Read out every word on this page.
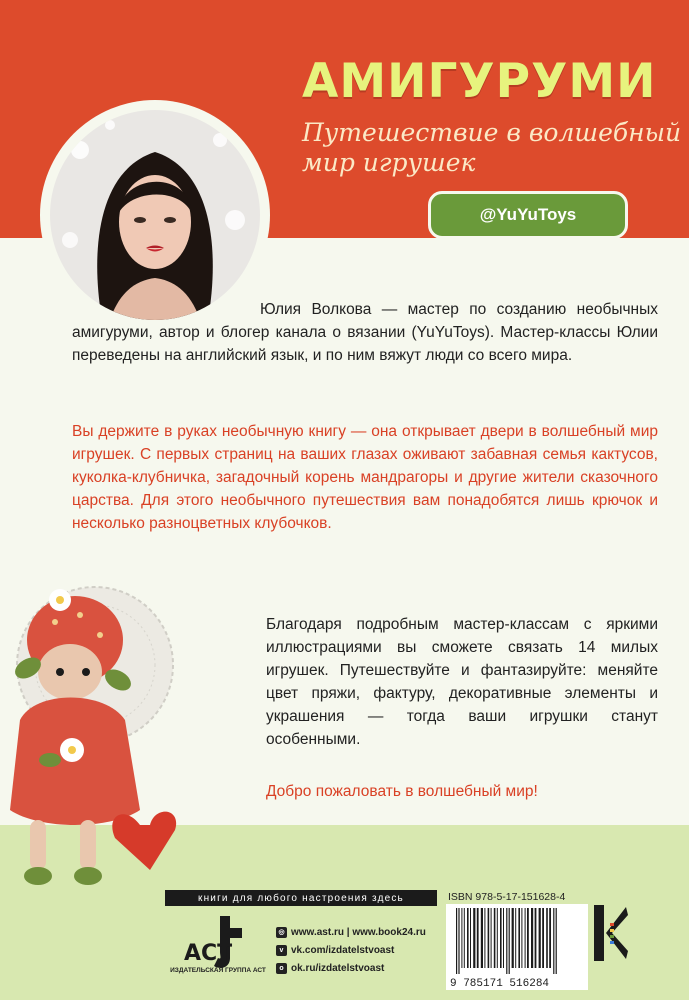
АМИГУРУМИ
Путешествие в волшебный мир игрушек
@YuYuToys
Юлия Волкова — мастер по созданию необычных амигуруми, автор и блогер канала о вязании (YuYuToys). Мастер-классы Юлии переведены на английский язык, и по ним вяжут люди со всего мира.
Вы держите в руках необычную книгу — она открывает двери в волшебный мир игрушек. С первых страниц на ваших глазах оживают забавная семья кактусов, куколка-клубничка, загадочный корень мандрагоры и другие жители сказочного царства. Для этого необычного путешествия вам понадобятся лишь крючок и несколько разноцветных клубочков.
Благодаря подробным мастер-классам с яркими иллюстрациями вы сможете связать 14 милых игрушек. Путешествуйте и фантазируйте: меняйте цвет пряжи, фактуру, декоративные элементы и украшения — тогда ваши игрушки станут особенными.
Добро пожаловать в волшебный мир!
книги для любого настроения здесь
АСТ
ИЗДАТЕЛЬСКАЯ ГРУППА АСТ
◎ www.ast.ru | www.book24.ru
v vk.com/izdatelstvoast
o ok.ru/izdatelstvoast
ISBN 978-5-17-151628-4
9 785171 516284
